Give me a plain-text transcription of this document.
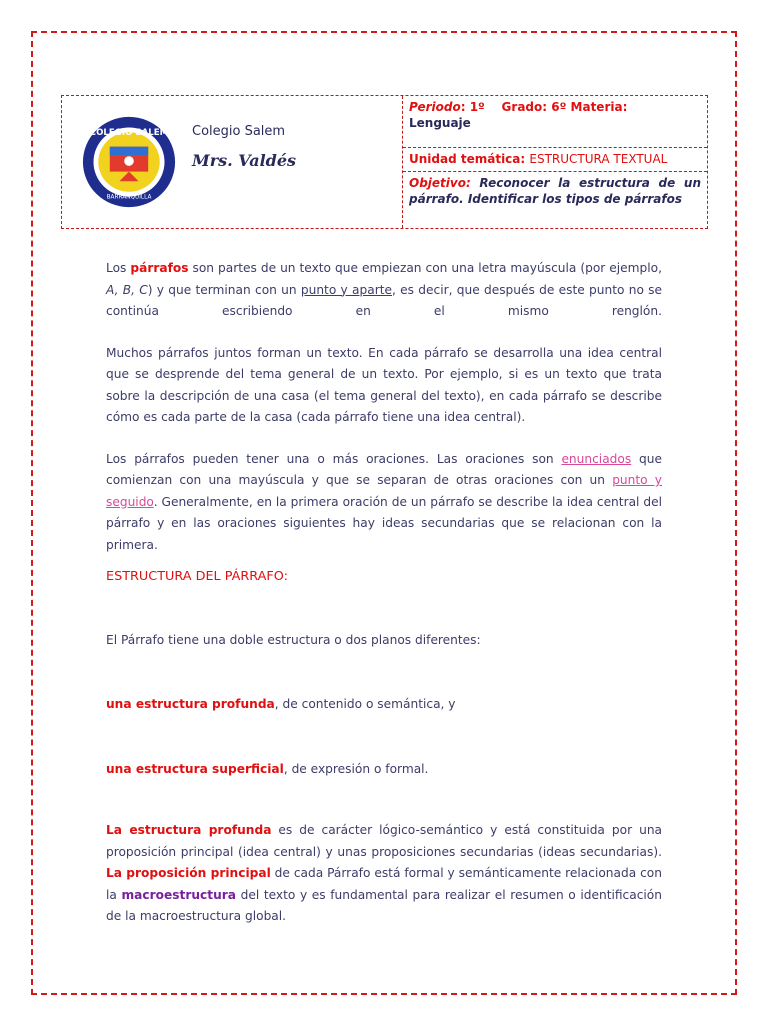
COLEGIO SALEM
BARRANQUILLA
Colegio Salem
Mrs. Valdés
Periodo: 1º Grado: 6º Materia:
Lenguaje
Unidad temática: ESTRUCTURA TEXTUAL
Objetivo: Reconocer la estructura de un párrafo. Identificar los tipos de párrafos

Los párrafos son partes de un texto que empiezan con una letra mayúscula (por ejemplo, A, B, C) y que terminan con un punto y aparte, es decir, que después de este punto no se continúa escribiendo en el mismo renglón.

Muchos párrafos juntos forman un texto. En cada párrafo se desarrolla una idea central que se desprende del tema general de un texto. Por ejemplo, si es un texto que trata sobre la descripción de una casa (el tema general del texto), en cada párrafo se describe cómo es cada parte de la casa (cada párrafo tiene una idea central).

Los párrafos pueden tener una o más oraciones. Las oraciones son enunciados que comienzan con una mayúscula y que se separan de otras oraciones con un punto y seguido. Generalmente, en la primera oración de un párrafo se describe la idea central del párrafo y en las oraciones siguientes hay ideas secundarias que se relacionan con la primera.

ESTRUCTURA DEL PÁRRAFO:

El Párrafo tiene una doble estructura o dos planos diferentes:

una estructura profunda, de contenido o semántica, y

una estructura superficial, de expresión o formal.

La estructura profunda es de carácter lógico-semántico y está constituida por una proposición principal (idea central) y unas proposiciones secundarias (ideas secundarias). La proposición principal de cada Párrafo está formal y semánticamente relacionada con la macroestructura del texto y es fundamental para realizar el resumen o identificación de la macroestructura global.
